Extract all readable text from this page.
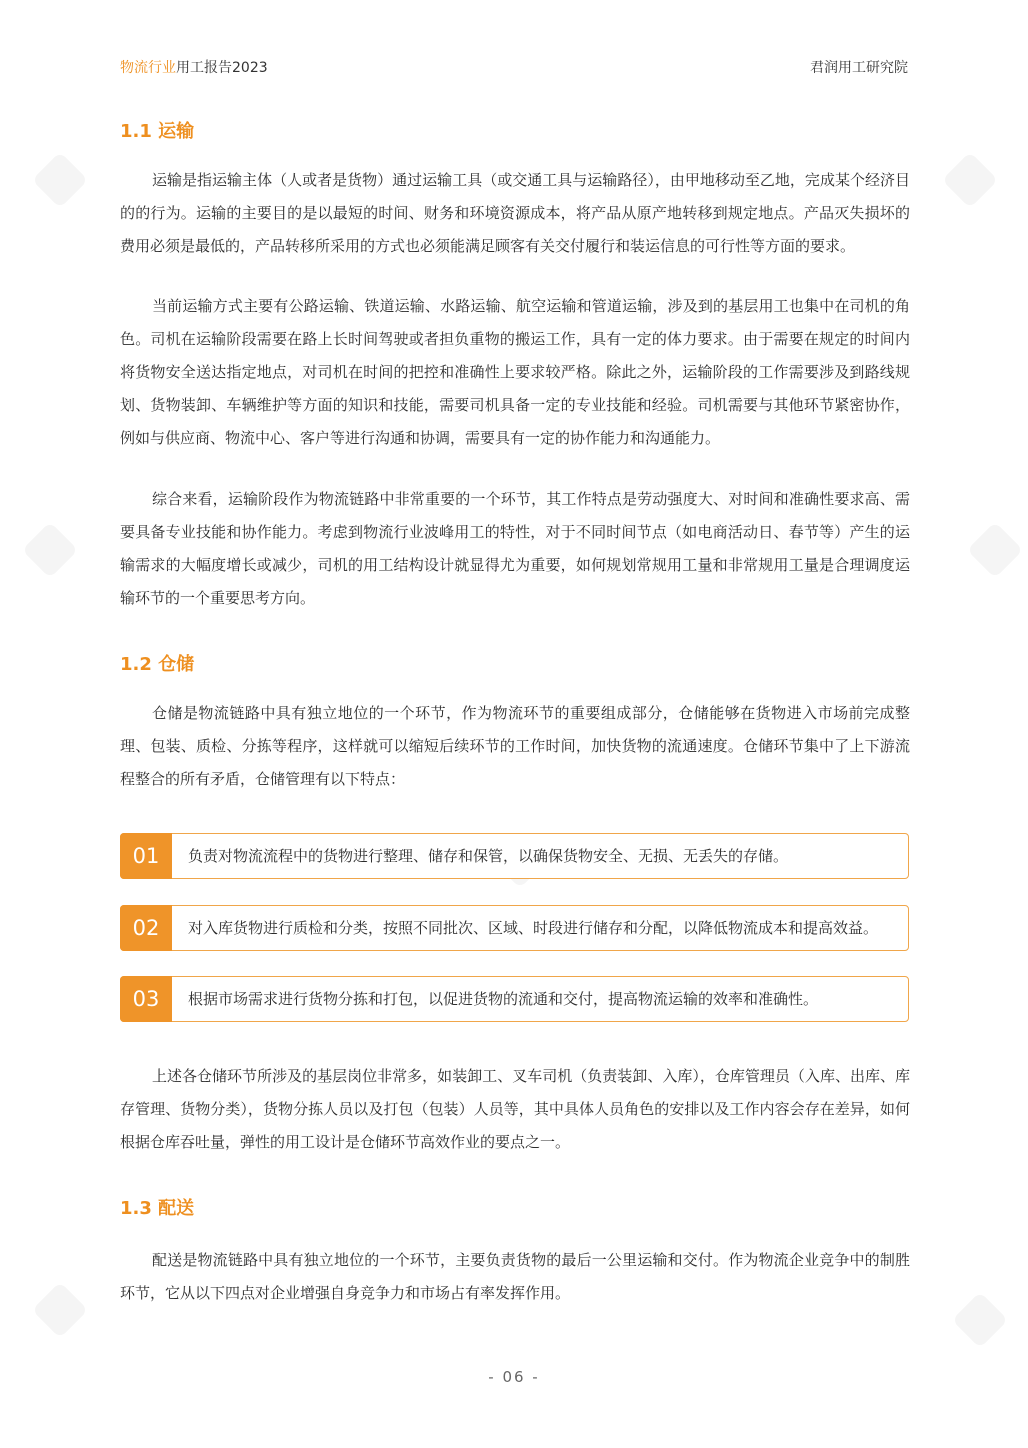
物流行业用工报告2023	君润用工研究院
1.1 运输

运输是指运输主体（人或者是货物）通过运输工具（或交通工具与运输路径），由甲地移动至乙地，完成某个经济目的的行为。运输的主要目的是以最短的时间、财务和环境资源成本，将产品从原产地转移到规定地点。产品灭失损坏的费用必须是最低的，产品转移所采用的方式也必须能满足顾客有关交付履行和装运信息的可行性等方面的要求。

当前运输方式主要有公路运输、铁道运输、水路运输、航空运输和管道运输，涉及到的基层用工也集中在司机的角色。司机在运输阶段需要在路上长时间驾驶或者担负重物的搬运工作，具有一定的体力要求。由于需要在规定的时间内将货物安全送达指定地点，对司机在时间的把控和准确性上要求较严格。除此之外，运输阶段的工作需要涉及到路线规划、货物装卸、车辆维护等方面的知识和技能，需要司机具备一定的专业技能和经验。司机需要与其他环节紧密协作，例如与供应商、物流中心、客户等进行沟通和协调，需要具有一定的协作能力和沟通能力。

综合来看，运输阶段作为物流链路中非常重要的一个环节，其工作特点是劳动强度大、对时间和准确性要求高、需要具备专业技能和协作能力。考虑到物流行业波峰用工的特性，对于不同时间节点（如电商活动日、春节等）产生的运输需求的大幅度增长或减少，司机的用工结构设计就显得尤为重要，如何规划常规用工量和非常规用工量是合理调度运输环节的一个重要思考方向。

1.2 仓储

仓储是物流链路中具有独立地位的一个环节，作为物流环节的重要组成部分，仓储能够在货物进入市场前完成整理、包装、质检、分拣等程序，这样就可以缩短后续环节的工作时间，加快货物的流通速度。仓储环节集中了上下游流程整合的所有矛盾，仓储管理有以下特点：

01	负责对物流流程中的货物进行整理、储存和保管，以确保货物安全、无损、无丢失的存储。
02	对入库货物进行质检和分类，按照不同批次、区域、时段进行储存和分配，以降低物流成本和提高效益。
03	根据市场需求进行货物分拣和打包，以促进货物的流通和交付，提高物流运输的效率和准确性。

上述各仓储环节所涉及的基层岗位非常多，如装卸工、叉车司机（负责装卸、入库），仓库管理员（入库、出库、库存管理、货物分类），货物分拣人员以及打包（包装）人员等，其中具体人员角色的安排以及工作内容会存在差异，如何根据仓库吞吐量，弹性的用工设计是仓储环节高效作业的要点之一。

1.3 配送

配送是物流链路中具有独立地位的一个环节，主要负责货物的最后一公里运输和交付。作为物流企业竞争中的制胜环节，它从以下四点对企业增强自身竞争力和市场占有率发挥作用。

- 06 -
